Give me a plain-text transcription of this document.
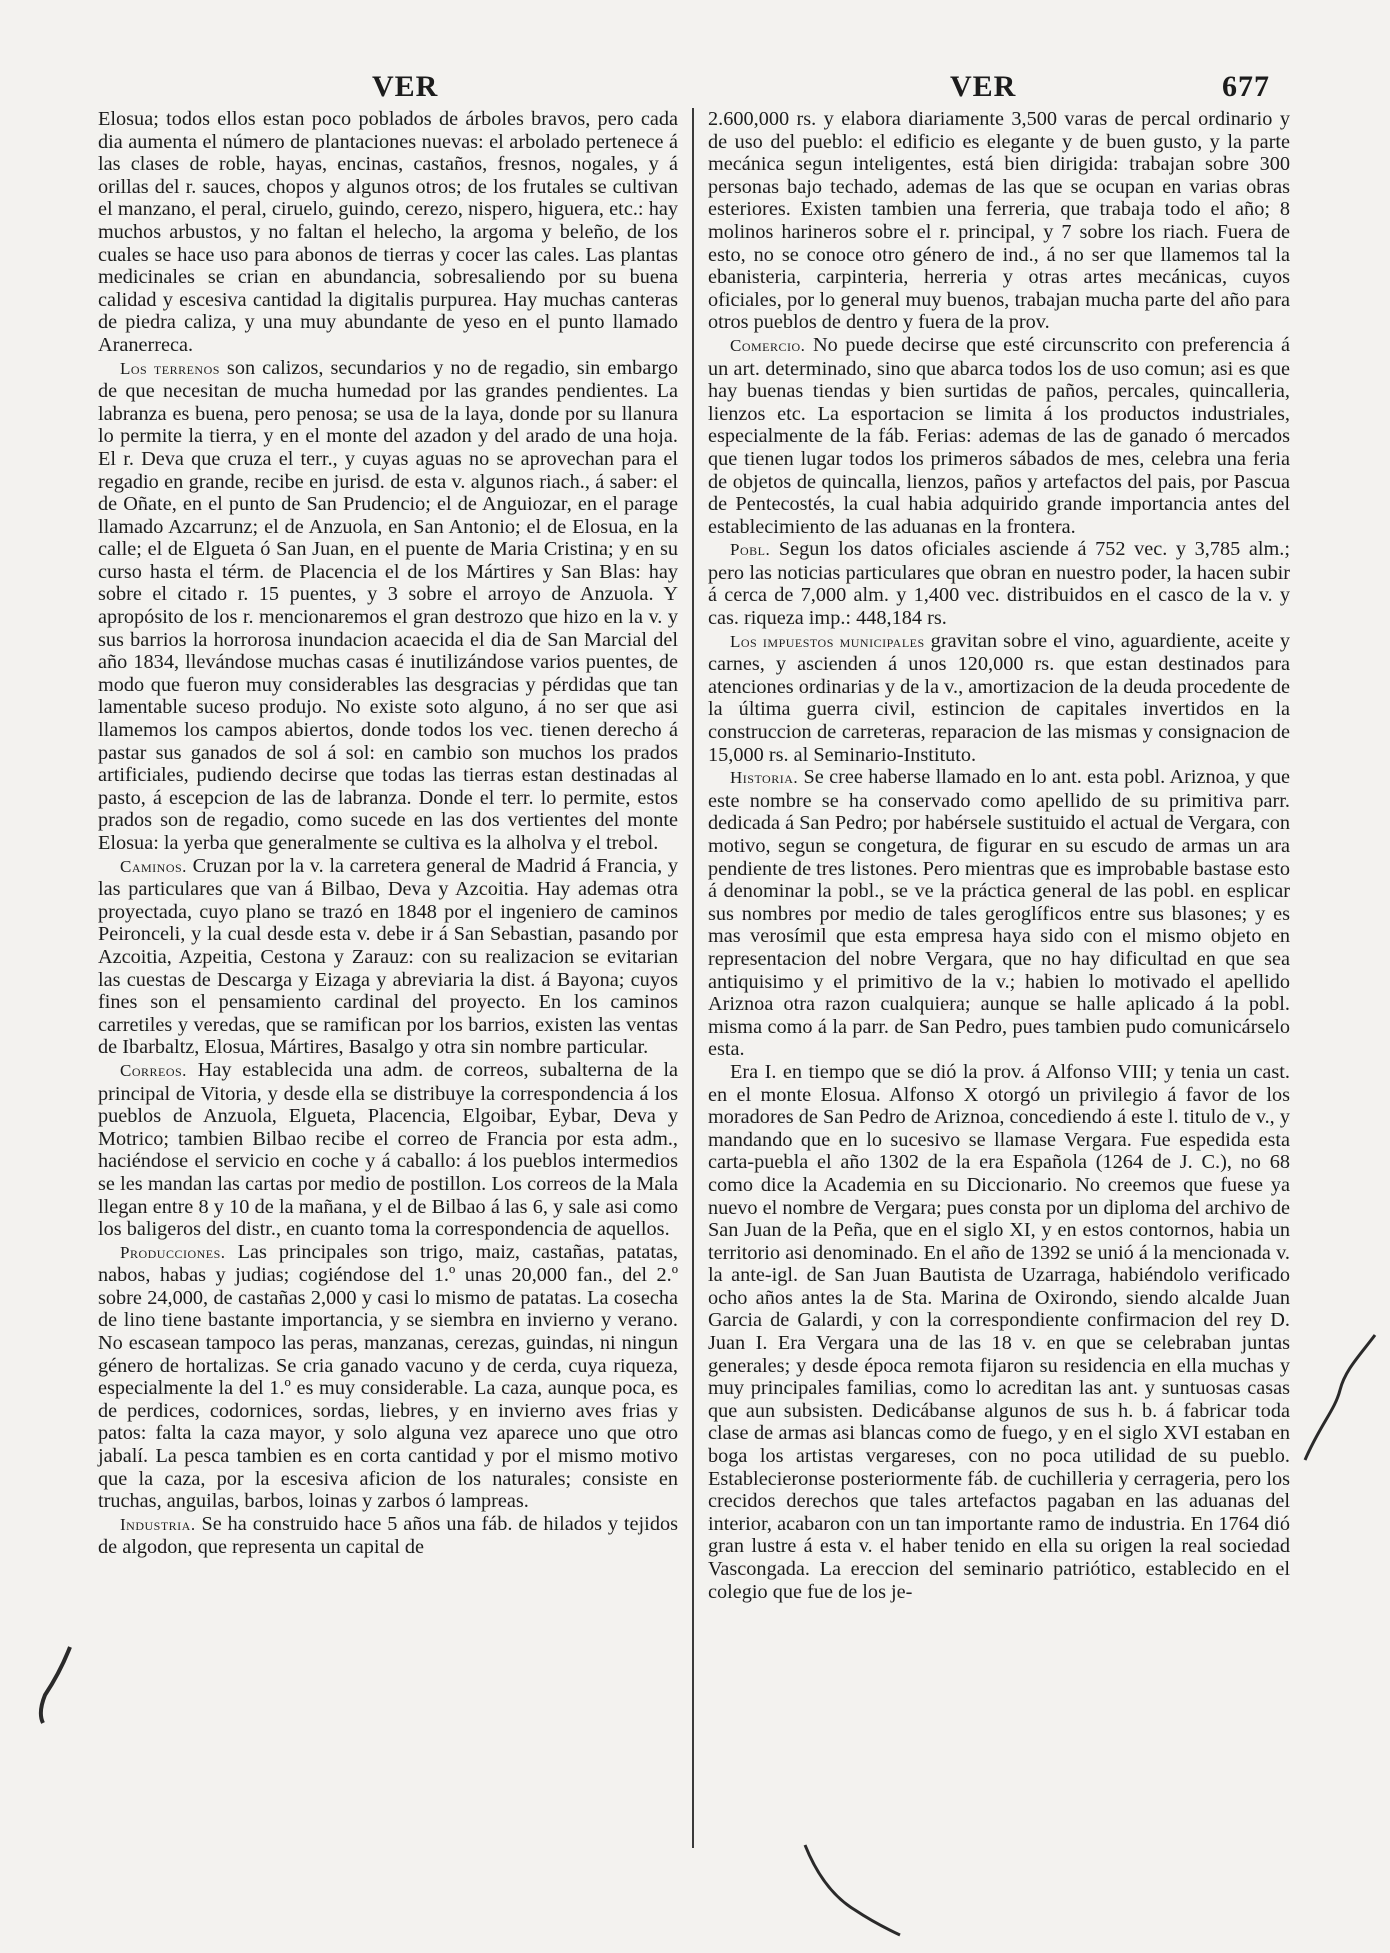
VER	VER	677

Elosua; todos ellos estan poco poblados de árboles bravos, pero cada dia aumenta el número de plantaciones nuevas: el arbolado pertenece á las clases de roble, hayas, encinas, castaños, fresnos, nogales, y á orillas del r. sauces, chopos y algunos otros; de los frutales se cultivan el manzano, el peral, ciruelo, guindo, cerezo, nispero, higuera, etc.: hay muchos arbustos, y no faltan el helecho, la argoma y beleño, de los cuales se hace uso para abonos de tierras y cocer las cales. Las plantas medicinales se crian en abundancia, sobresaliendo por su buena calidad y escesiva cantidad la digitalis purpurea. Hay muchas canteras de piedra caliza, y una muy abundante de yeso en el punto llamado Aranerreca.

Los terrenos son calizos, secundarios y no de regadio, sin embargo de que necesitan de mucha humedad por las grandes pendientes. La labranza es buena, pero penosa; se usa de la laya, donde por su llanura lo permite la tierra, y en el monte del azadon y del arado de una hoja. El r. Deva que cruza el terr., y cuyas aguas no se aprovechan para el regadio en grande, recibe en jurisd. de esta v. algunos riach., á saber: el de Oñate, en el punto de San Prudencio; el de Anguiozar, en el parage llamado Azcarrunz; el de Anzuola, en San Antonio; el de Elosua, en la calle; el de Elgueta ó San Juan, en el puente de Maria Cristina; y en su curso hasta el térm. de Placencia el de los Mártires y San Blas: hay sobre el citado r. 15 puentes, y 3 sobre el arroyo de Anzuola. Y apropósito de los r. mencionaremos el gran destrozo que hizo en la v. y sus barrios la horrorosa inundacion acaecida el dia de San Marcial del año 1834, llevándose muchas casas é inutilizándose varios puentes, de modo que fueron muy considerables las desgracias y pérdidas que tan lamentable suceso produjo. No existe soto alguno, á no ser que asi llamemos los campos abiertos, donde todos los vec. tienen derecho á pastar sus ganados de sol á sol: en cambio son muchos los prados artificiales, pudiendo decirse que todas las tierras estan destinadas al pasto, á escepcion de las de labranza. Donde el terr. lo permite, estos prados son de regadio, como sucede en las dos vertientes del monte Elosua: la yerba que generalmente se cultiva es la alholva y el trebol.

Caminos. Cruzan por la v. la carretera general de Madrid á Francia, y las particulares que van á Bilbao, Deva y Azcoitia. Hay ademas otra proyectada, cuyo plano se trazó en 1848 por el ingeniero de caminos Peironceli, y la cual desde esta v. debe ir á San Sebastian, pasando por Azcoitia, Azpeitia, Cestona y Zarauz: con su realizacion se evitarian las cuestas de Descarga y Eizaga y abreviaria la dist. á Bayona; cuyos fines son el pensamiento cardinal del proyecto. En los caminos carretiles y veredas, que se ramifican por los barrios, existen las ventas de Ibarbaltz, Elosua, Mártires, Basalgo y otra sin nombre particular.

Correos. Hay establecida una adm. de correos, subalterna de la principal de Vitoria, y desde ella se distribuye la correspondencia á los pueblos de Anzuola, Elgueta, Placencia, Elgoibar, Eybar, Deva y Motrico; tambien Bilbao recibe el correo de Francia por esta adm., haciéndose el servicio en coche y á caballo: á los pueblos intermedios se les mandan las cartas por medio de postillon. Los correos de la Mala llegan entre 8 y 10 de la mañana, y el de Bilbao á las 6, y sale asi como los baligeros del distr., en cuanto toma la correspondencia de aquellos.

Producciones. Las principales son trigo, maiz, castañas, patatas, nabos, habas y judias; cogiéndose del 1.º unas 20,000 fan., del 2.º sobre 24,000, de castañas 2,000 y casi lo mismo de patatas. La cosecha de lino tiene bastante importancia, y se siembra en invierno y verano. No escasean tampoco las peras, manzanas, cerezas, guindas, ni ningun género de hortalizas. Se cria ganado vacuno y de cerda, cuya riqueza, especialmente la del 1.º es muy considerable. La caza, aunque poca, es de perdices, codornices, sordas, liebres, y en invierno aves frias y patos: falta la caza mayor, y solo alguna vez aparece uno que otro jabalí. La pesca tambien es en corta cantidad y por el mismo motivo que la caza, por la escesiva aficion de los naturales; consiste en truchas, anguilas, barbos, loinas y zarbos ó lampreas.

Industria. Se ha construido hace 5 años una fáb. de hilados y tejidos de algodon, que representa un capital de

2.600,000 rs. y elabora diariamente 3,500 varas de percal ordinario y de uso del pueblo: el edificio es elegante y de buen gusto, y la parte mecánica segun inteligentes, está bien dirigida: trabajan sobre 300 personas bajo techado, ademas de las que se ocupan en varias obras esteriores. Existen tambien una ferreria, que trabaja todo el año; 8 molinos harineros sobre el r. principal, y 7 sobre los riach. Fuera de esto, no se conoce otro género de ind., á no ser que llamemos tal la ebanisteria, carpinteria, herreria y otras artes mecánicas, cuyos oficiales, por lo general muy buenos, trabajan mucha parte del año para otros pueblos de dentro y fuera de la prov.

Comercio. No puede decirse que esté circunscrito con preferencia á un art. determinado, sino que abarca todos los de uso comun; asi es que hay buenas tiendas y bien surtidas de paños, percales, quincalleria, lienzos etc. La esportacion se limita á los productos industriales, especialmente de la fáb. Ferias: ademas de las de ganado ó mercados que tienen lugar todos los primeros sábados de mes, celebra una feria de objetos de quincalla, lienzos, paños y artefactos del pais, por Pascua de Pentecostés, la cual habia adquirido grande importancia antes del establecimiento de las aduanas en la frontera.

Pobl. Segun los datos oficiales asciende á 752 vec. y 3,785 alm.; pero las noticias particulares que obran en nuestro poder, la hacen subir á cerca de 7,000 alm. y 1,400 vec. distribuidos en el casco de la v. y cas. riqueza imp.: 448,184 rs.

Los impuestos municipales gravitan sobre el vino, aguardiente, aceite y carnes, y ascienden á unos 120,000 rs. que estan destinados para atenciones ordinarias y de la v., amortizacion de la deuda procedente de la última guerra civil, estincion de capitales invertidos en la construccion de carreteras, reparacion de las mismas y consignacion de 15,000 rs. al Seminario-Instituto.

Historia. Se cree haberse llamado en lo ant. esta pobl. Ariznoa, y que este nombre se ha conservado como apellido de su primitiva parr. dedicada á San Pedro; por habérsele sustituido el actual de Vergara, con motivo, segun se congetura, de figurar en su escudo de armas un ara pendiente de tres listones. Pero mientras que es improbable bastase esto á denominar la pobl., se ve la práctica general de las pobl. en esplicar sus nombres por medio de tales geroglíficos entre sus blasones; y es mas verosímil que esta empresa haya sido con el mismo objeto en representacion del nobre Vergara, que no hay dificultad en que sea antiquisimo y el primitivo de la v.; habien lo motivado el apellido Ariznoa otra razon cualquiera; aunque se halle aplicado á la pobl. misma como á la parr. de San Pedro, pues tambien pudo comunicárselo esta.

Era I. en tiempo que se dió la prov. á Alfonso VIII; y tenia un cast. en el monte Elosua. Alfonso X otorgó un privilegio á favor de los moradores de San Pedro de Ariznoa, concediendo á este l. titulo de v., y mandando que en lo sucesivo se llamase Vergara. Fue espedida esta carta-puebla el año 1302 de la era Española (1264 de J. C.), no 68 como dice la Academia en su Diccionario. No creemos que fuese ya nuevo el nombre de Vergara; pues consta por un diploma del archivo de San Juan de la Peña, que en el siglo XI, y en estos contornos, habia un territorio asi denominado. En el año de 1392 se unió á la mencionada v. la ante-igl. de San Juan Bautista de Uzarraga, habiéndolo verificado ocho años antes la de Sta. Marina de Oxirondo, siendo alcalde Juan Garcia de Galardi, y con la correspondiente confirmacion del rey D. Juan I. Era Vergara una de las 18 v. en que se celebraban juntas generales; y desde época remota fijaron su residencia en ella muchas y muy principales familias, como lo acreditan las ant. y suntuosas casas que aun subsisten. Dedicábanse algunos de sus h. b. á fabricar toda clase de armas asi blancas como de fuego, y en el siglo XVI estaban en boga los artistas vergareses, con no poca utilidad de su pueblo. Establecieronse posteriormente fáb. de cuchilleria y cerrageria, pero los crecidos derechos que tales artefactos pagaban en las aduanas del interior, acabaron con un tan importante ramo de industria. En 1764 dió gran lustre á esta v. el haber tenido en ella su origen la real sociedad Vascongada. La ereccion del seminario patriótico, establecido en el colegio que fue de los je-
